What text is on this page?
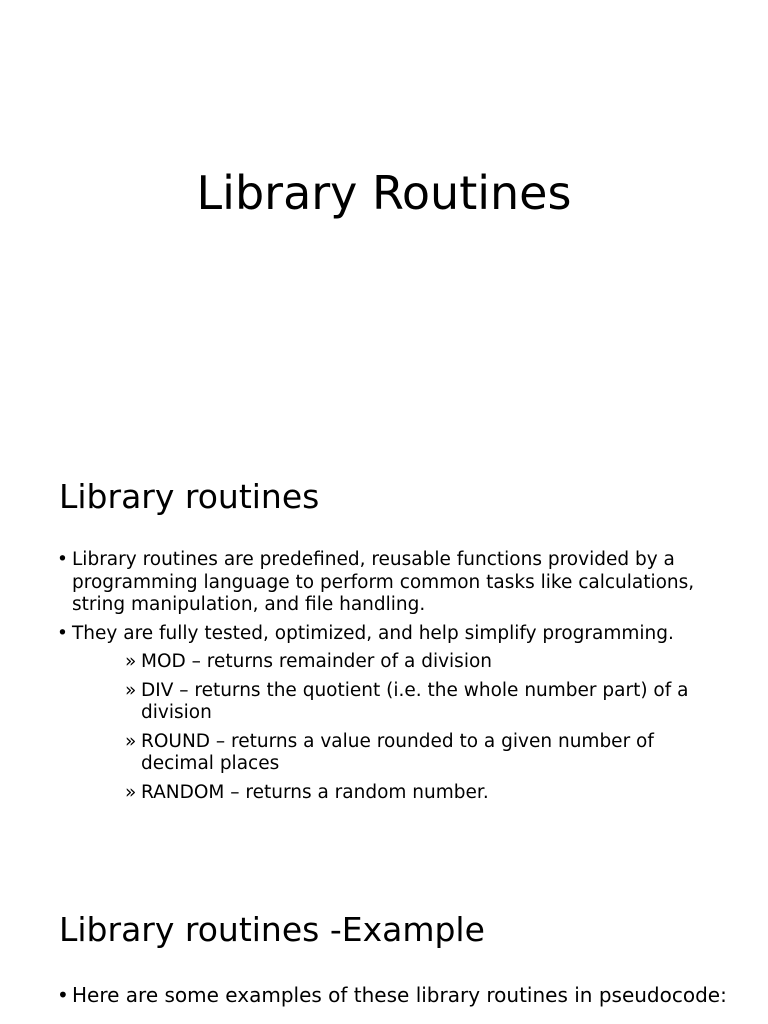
Library Routines
Library routines
• Library routines are predefined, reusable functions provided by a programming language to perform common tasks like calculations, string manipulation, and file handling.
• They are fully tested, optimized, and help simplify programming.
» MOD – returns remainder of a division
» DIV – returns the quotient (i.e. the whole number part) of a division
» ROUND – returns a value rounded to a given number of decimal places
» RANDOM – returns a random number.
Library routines -Example
• Here are some examples of these library routines in pseudocode:
